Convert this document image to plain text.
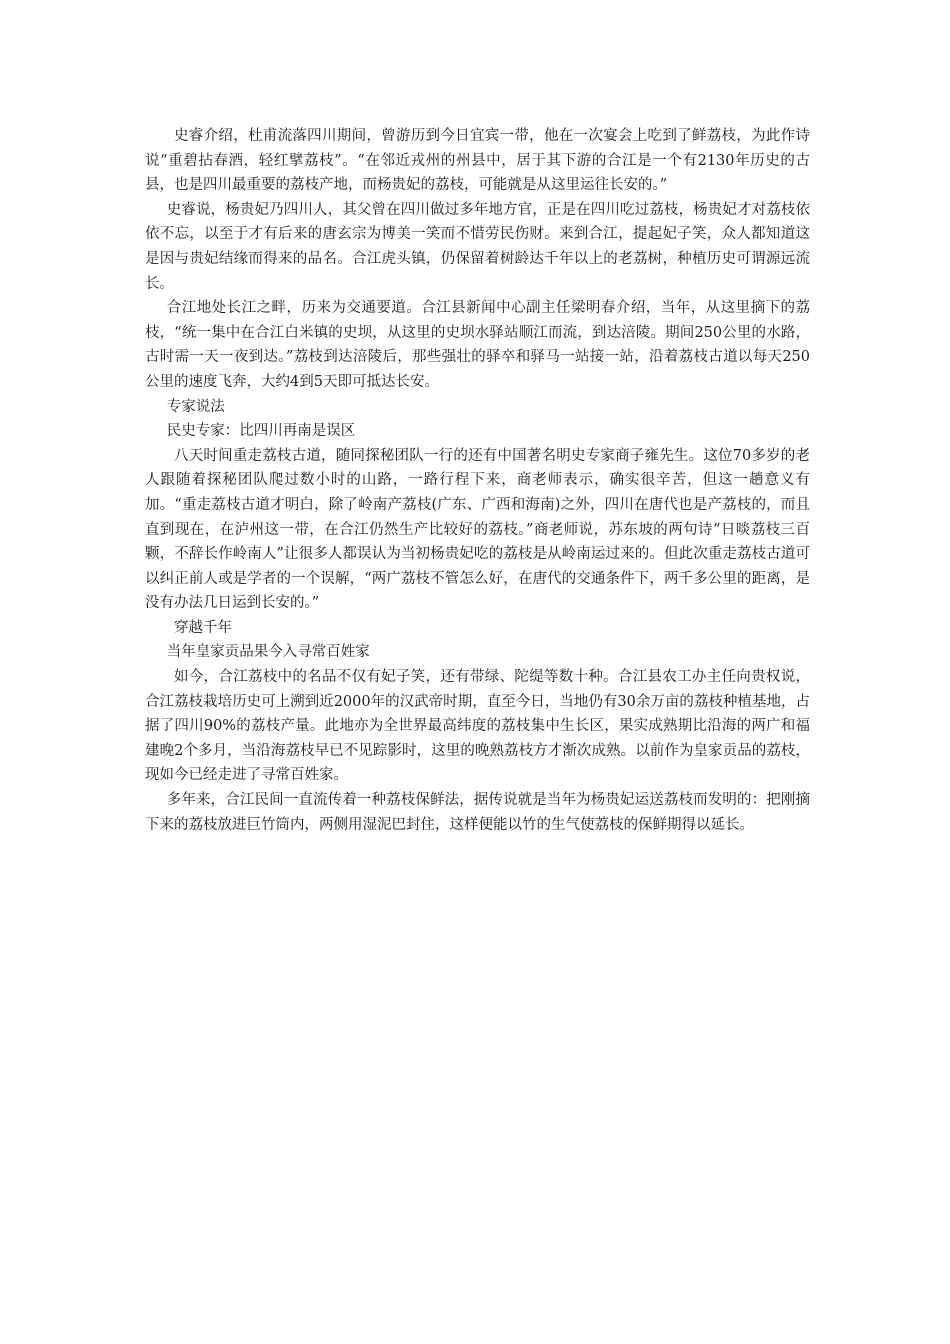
史睿介绍，杜甫流落四川期间，曾游历到今日宜宾一带，他在一次宴会上吃到了鲜荔枝，为此作诗说“重碧拈春酒，轻红擘荔枝”。“在邻近戎州的州县中，居于其下游的合江是一个有2130年历史的古县，也是四川最重要的荔枝产地，而杨贵妃的荔枝，可能就是从这里运往长安的。”

史睿说，杨贵妃乃四川人，其父曾在四川做过多年地方官，正是在四川吃过荔枝，杨贵妃才对荔枝依依不忘，以至于才有后来的唐玄宗为博美一笑而不惜劳民伤财。来到合江，提起妃子笑，众人都知道这是因与贵妃结缘而得来的品名。合江虎头镇，仍保留着树龄达千年以上的老荔树，种植历史可谓源远流长。

合江地处长江之畔，历来为交通要道。合江县新闻中心副主任梁明春介绍，当年，从这里摘下的荔枝，“统一集中在合江白米镇的史坝，从这里的史坝水驿站顺江而流，到达涪陵。期间250公里的水路，古时需一天一夜到达。”荔枝到达涪陵后，那些强壮的驿卒和驿马一站接一站，沿着荔枝古道以每天250公里的速度飞奔，大约4到5天即可抵达长安。

专家说法

民史专家：比四川再南是误区

八天时间重走荔枝古道，随同探秘团队一行的还有中国著名明史专家商子雍先生。这位70多岁的老人跟随着探秘团队爬过数小时的山路，一路行程下来，商老师表示，确实很辛苦，但这一趟意义有加。“重走荔枝古道才明白，除了岭南产荔枝(广东、广西和海南)之外，四川在唐代也是产荔枝的，而且直到现在，在泸州这一带，在合江仍然生产比较好的荔枝。”商老师说，苏东坡的两句诗“日啖荔枝三百颗，不辞长作岭南人”让很多人都误认为当初杨贵妃吃的荔枝是从岭南运过来的。但此次重走荔枝古道可以纠正前人或是学者的一个误解，“两广荔枝不管怎么好，在唐代的交通条件下，两千多公里的距离，是没有办法几日运到长安的。”

穿越千年

当年皇家贡品果今入寻常百姓家

如今，合江荔枝中的名品不仅有妃子笑，还有带绿、陀缇等数十种。合江县农工办主任向贵权说，合江荔枝栽培历史可上溯到近2000年的汉武帝时期，直至今日，当地仍有30余万亩的荔枝种植基地，占据了四川90%的荔枝产量。此地亦为全世界最高纬度的荔枝集中生长区，果实成熟期比沿海的两广和福建晚2个多月，当沿海荔枝早已不见踪影时，这里的晚熟荔枝方才渐次成熟。以前作为皇家贡品的荔枝，现如今已经走进了寻常百姓家。

多年来，合江民间一直流传着一种荔枝保鲜法，据传说就是当年为杨贵妃运送荔枝而发明的：把刚摘下来的荔枝放进巨竹筒内，两侧用湿泥巴封住，这样便能以竹的生气使荔枝的保鲜期得以延长。
